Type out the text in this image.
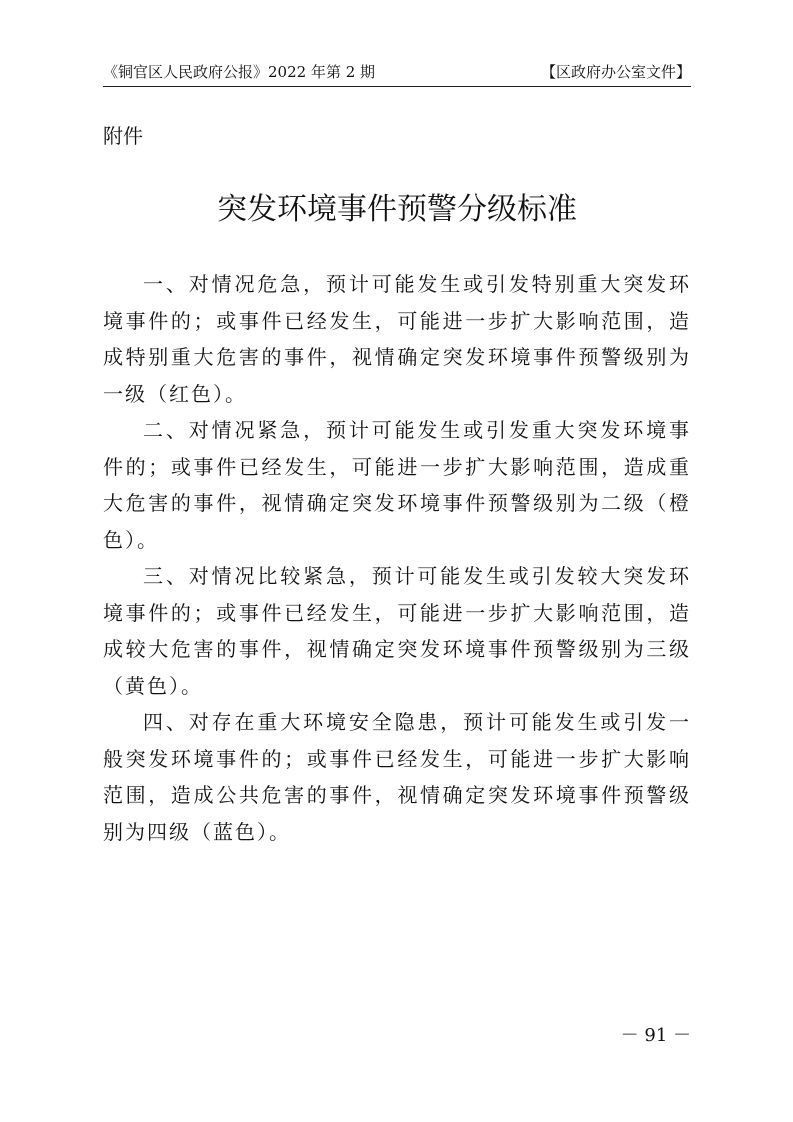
《铜官区人民政府公报》2022 年第 2 期	【区政府办公室文件】
附件
突发环境事件预警分级标准

一、对情况危急，预计可能发生或引发特别重大突发环境事件的；或事件已经发生，可能进一步扩大影响范围，造成特别重大危害的事件，视情确定突发环境事件预警级别为一级（红色）。

二、对情况紧急，预计可能发生或引发重大突发环境事件的；或事件已经发生，可能进一步扩大影响范围，造成重大危害的事件，视情确定突发环境事件预警级别为二级（橙色）。

三、对情况比较紧急，预计可能发生或引发较大突发环境事件的；或事件已经发生，可能进一步扩大影响范围，造成较大危害的事件，视情确定突发环境事件预警级别为三级（黄色）。

四、对存在重大环境安全隐患，预计可能发生或引发一般突发环境事件的；或事件已经发生，可能进一步扩大影响范围，造成公共危害的事件，视情确定突发环境事件预警级别为四级（蓝色）。

－ 91 －
